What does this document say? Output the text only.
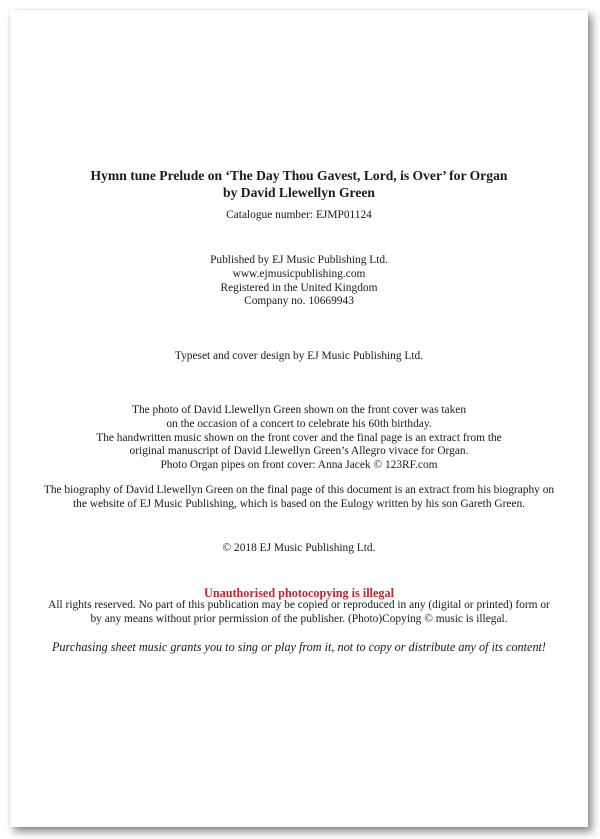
Hymn tune Prelude on ‘The Day Thou Gavest, Lord, is Over’ for Organ
by David Llewellyn Green
Catalogue number: EJMP01124
Published by EJ Music Publishing Ltd.
www.ejmusicpublishing.com
Registered in the United Kingdom
Company no. 10669943
Typeset and cover design by EJ Music Publishing Ltd.
The photo of David Llewellyn Green shown on the front cover was taken
on the occasion of a concert to celebrate his 60th birthday.
The handwritten music shown on the front cover and the final page is an extract from the
original manuscript of David Llewellyn Green’s Allegro vivace for Organ.
Photo Organ pipes on front cover: Anna Jacek © 123RF.com
The biography of David Llewellyn Green on the final page of this document is an extract from his biography on
the website of EJ Music Publishing, which is based on the Eulogy written by his son Gareth Green.
© 2018 EJ Music Publishing Ltd.
Unauthorised photocopying is illegal
All rights reserved. No part of this publication may be copied or reproduced in any (digital or printed) form or
by any means without prior permission of the publisher. (Photo)Copying © music is illegal.
Purchasing sheet music grants you to sing or play from it, not to copy or distribute any of its content!
